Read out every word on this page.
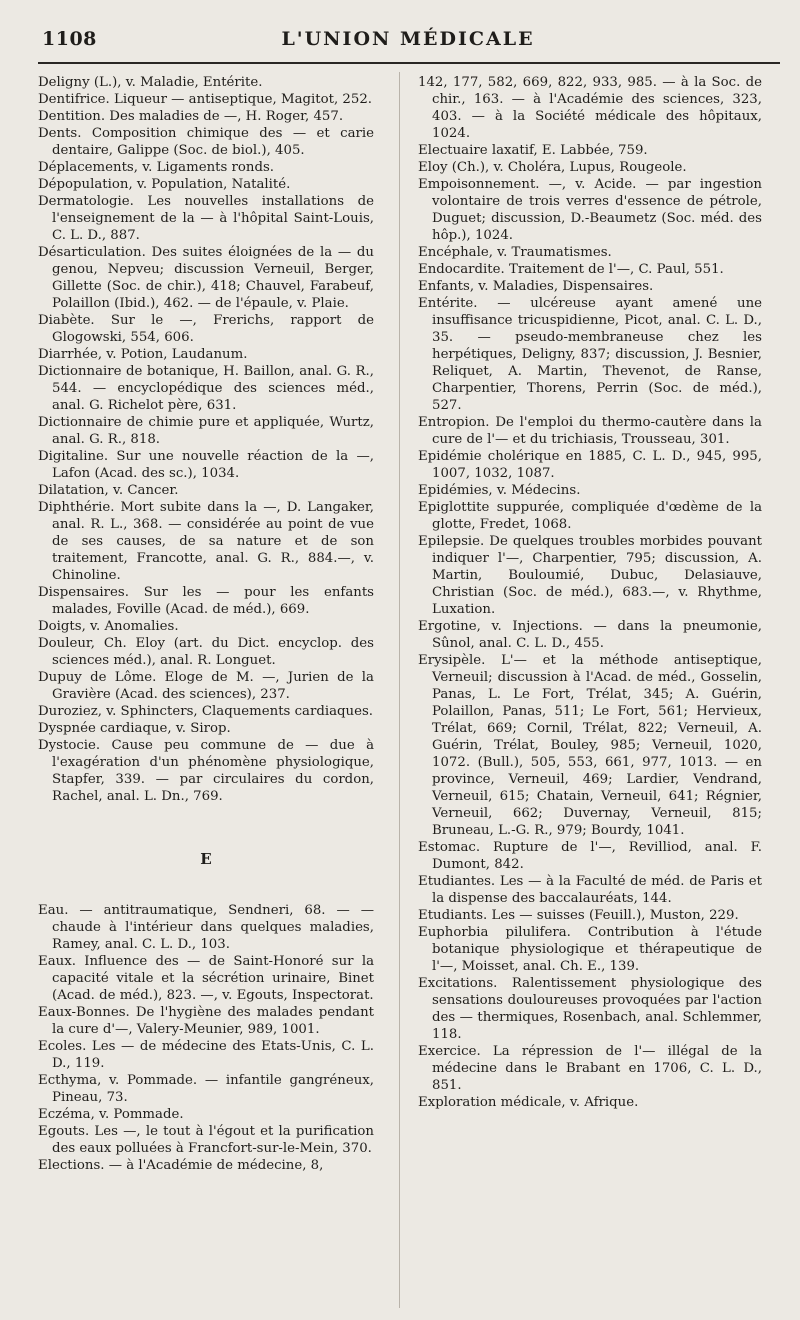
1108	L'UNION MÉDICALE

Deligny (L.), v. Maladie, Entérite.

Dentifrice. Liqueur — antiseptique, Magitot, 252.

Dentition. Des maladies de —, H. Roger, 457.

Dents. Composition chimique des — et carie dentaire, Galippe (Soc. de biol.), 405.

Déplacements, v. Ligaments ronds.

Dépopulation, v. Population, Natalité.

Dermatologie. Les nouvelles installations de l'enseignement de la — à l'hôpital Saint-Louis, C. L. D., 887.

Désarticulation. Des suites éloignées de la — du genou, Nepveu; discussion Verneuil, Berger, Gillette (Soc. de chir.), 418; Chauvel, Farabeuf, Polaillon (Ibid.), 462. — de l'épaule, v. Plaie.

Diabète. Sur le —, Frerichs, rapport de Glogowski, 554, 606.

Diarrhée, v. Potion, Laudanum.

Dictionnaire de botanique, H. Baillon, anal. G. R., 544. — encyclopédique des sciences méd., anal. G. Richelot père, 631.

Dictionnaire de chimie pure et appliquée, Wurtz, anal. G. R., 818.

Digitaline. Sur une nouvelle réaction de la —, Lafon (Acad. des sc.), 1034.

Dilatation, v. Cancer.

Diphthérie. Mort subite dans la —, D. Langaker, anal. R. L., 368. — considérée au point de vue de ses causes, de sa nature et de son traitement, Francotte, anal. G. R., 884.—, v. Chinoline.

Dispensaires. Sur les — pour les enfants malades, Foville (Acad. de méd.), 669.

Doigts, v. Anomalies.

Douleur, Ch. Eloy (art. du Dict. encyclop. des sciences méd.), anal. R. Longuet.

Dupuy de Lôme. Eloge de M. —, Jurien de la Gravière (Acad. des sciences), 237.

Duroziez, v. Sphincters, Claquements cardiaques.

Dyspnée cardiaque, v. Sirop.

Dystocie. Cause peu commune de — due à l'exagération d'un phénomène physiologique, Stapfer, 339. — par circulaires du cordon, Rachel, anal. L. Dn., 769.

E

Eau. — antitraumatique, Sendneri, 68. — — chaude à l'intérieur dans quelques maladies, Ramey, anal. C. L. D., 103.

Eaux. Influence des — de Saint-Honoré sur la capacité vitale et la sécrétion urinaire, Binet (Acad. de méd.), 823. —, v. Egouts, Inspectorat.

Eaux-Bonnes. De l'hygiène des malades pendant la cure d'—, Valery-Meunier, 989, 1001.

Ecoles. Les — de médecine des Etats-Unis, C. L. D., 119.

Ecthyma, v. Pommade. — infantile gangréneux, Pineau, 73.

Eczéma, v. Pommade.

Egouts. Les —, le tout à l'égout et la purification des eaux polluées à Francfort-sur-le-Mein, 370.

Elections. — à l'Académie de médecine, 8,

142, 177, 582, 669, 822, 933, 985. — à la Soc. de chir., 163. — à l'Académie des sciences, 323, 403. — à la Société médicale des hôpitaux, 1024.

Electuaire laxatif, E. Labbée, 759.

Eloy (Ch.), v. Choléra, Lupus, Rougeole.

Empoisonnement. —, v. Acide. — par ingestion volontaire de trois verres d'essence de pétrole, Duguet; discussion, D.-Beaumetz (Soc. méd. des hôp.), 1024.

Encéphale, v. Traumatismes.

Endocardite. Traitement de l'—, C. Paul, 551.

Enfants, v. Maladies, Dispensaires.

Entérite. — ulcéreuse ayant amené une insuffisance tricuspidienne, Picot, anal. C. L. D., 35. — pseudo-membraneuse chez les herpétiques, Deligny, 837; discussion, J. Besnier, Reliquet, A. Martin, Thevenot, de Ranse, Charpentier, Thorens, Perrin (Soc. de méd.), 527.

Entropion. De l'emploi du thermo-cautère dans la cure de l'— et du trichiasis, Trousseau, 301.

Epidémie cholérique en 1885, C. L. D., 945, 995, 1007, 1032, 1087.

Epidémies, v. Médecins.

Epiglottite suppurée, compliquée d'œdème de la glotte, Fredet, 1068.

Epilepsie. De quelques troubles morbides pouvant indiquer l'—, Charpentier, 795; discussion, A. Martin, Bouloumié, Dubuc, Delasiauve, Christian (Soc. de méd.), 683.—, v. Rhythme, Luxation.

Ergotine, v. Injections. — dans la pneumonie, Sûnol, anal. C. L. D., 455.

Erysipèle. L'— et la méthode antiseptique, Verneuil; discussion à l'Acad. de méd., Gosselin, Panas, L. Le Fort, Trélat, 345; A. Guérin, Polaillon, Panas, 511; Le Fort, 561; Hervieux, Trélat, 669; Cornil, Trélat, 822; Verneuil, A. Guérin, Trélat, Bouley, 985; Verneuil, 1020, 1072. (Bull.), 505, 553, 661, 977, 1013. — en province, Verneuil, 469; Lardier, Vendrand, Verneuil, 615; Chatain, Verneuil, 641; Régnier, Verneuil, 662; Duvernay, Verneuil, 815; Bruneau, L.-G. R., 979; Bourdy, 1041.

Estomac. Rupture de l'—, Revilliod, anal. F. Dumont, 842.

Etudiantes. Les — à la Faculté de méd. de Paris et la dispense des baccalauréats, 144.

Etudiants. Les — suisses (Feuill.), Muston, 229.

Euphorbia pilulifera. Contribution à l'étude botanique physiologique et thérapeutique de l'—, Moisset, anal. Ch. E., 139.

Excitations. Ralentissement physiologique des sensations douloureuses provoquées par l'action des — thermiques, Rosenbach, anal. Schlemmer, 118.

Exercice. La répression de l'— illégal de la médecine dans le Brabant en 1706, C. L. D., 851.

Exploration médicale, v. Afrique.
